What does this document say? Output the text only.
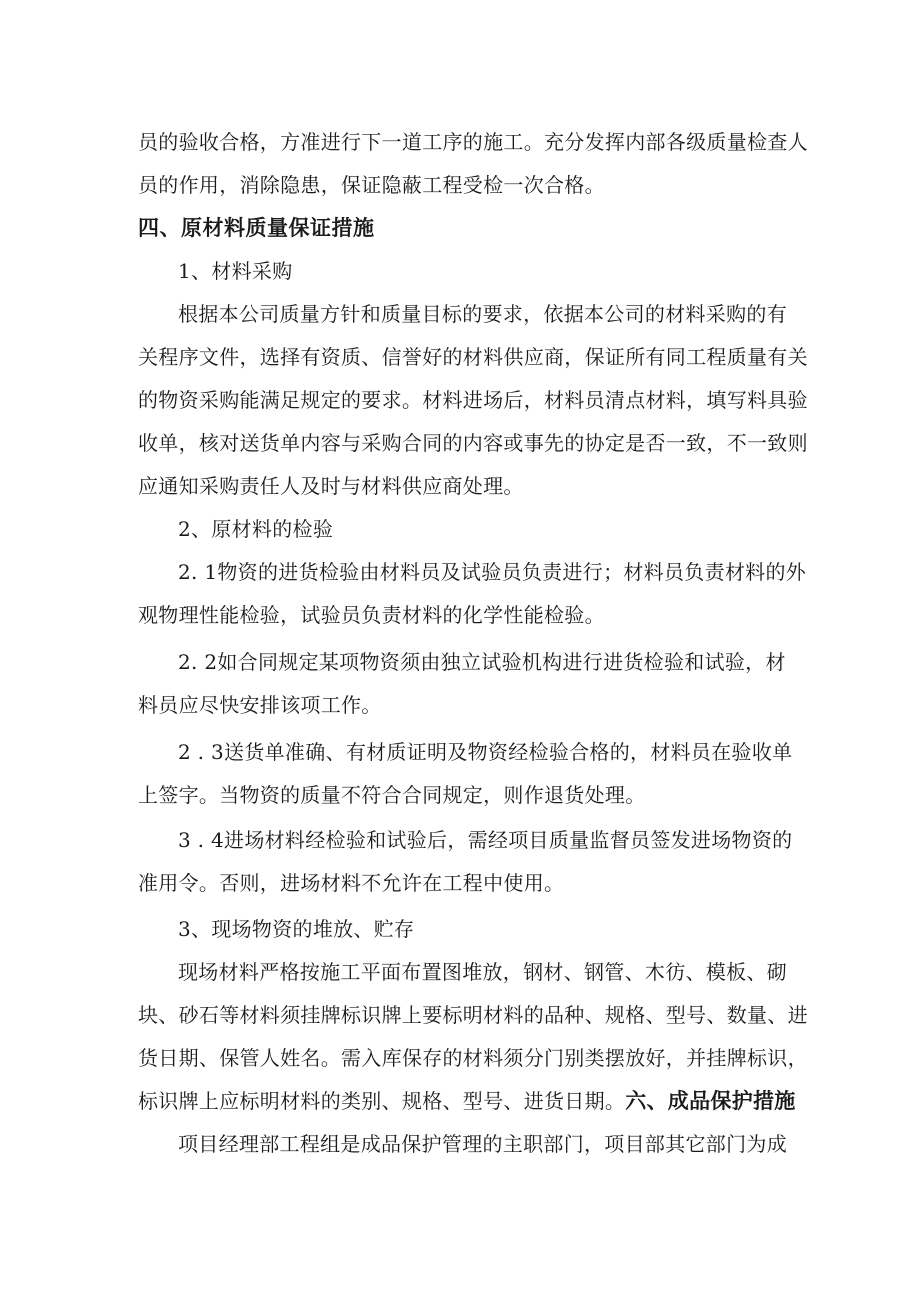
员的验收合格，方准进行下一道工序的施工。充分发挥内部各级质量检查人
员的作用，消除隐患，保证隐蔽工程受检一次合格。
四、原材料质量保证措施
1、材料采购
根据本公司质量方针和质量目标的要求，依据本公司的材料采购的有
关程序文件，选择有资质、信誉好的材料供应商，保证所有同工程质量有关
的物资采购能满足规定的要求。材料进场后，材料员清点材料，填写料具验
收单，核对送货单内容与采购合同的内容或事先的协定是否一致，不一致则
应通知采购责任人及时与材料供应商处理。
2、原材料的检验
2. 1物资的进货检验由材料员及试验员负责进行；材料员负责材料的外
观物理性能检验，试验员负责材料的化学性能检验。
2. 2如合同规定某项物资须由独立试验机构进行进货检验和试验，材
料员应尽快安排该项工作。
2 . 3送货单准确、有材质证明及物资经检验合格的，材料员在验收单
上签字。当物资的质量不符合合同规定，则作退货处理。
3 . 4进场材料经检验和试验后，需经项目质量监督员签发进场物资的
准用令。否则，进场材料不允许在工程中使用。
3、现场物资的堆放、贮存
现场材料严格按施工平面布置图堆放，钢材、钢管、木彷、模板、砌
块、砂石等材料须挂牌标识牌上要标明材料的品种、规格、型号、数量、进
货日期、保管人姓名。需入库保存的材料须分门别类摆放好，并挂牌标识，
标识牌上应标明材料的类别、规格、型号、进货日期。六、成品保护措施
项目经理部工程组是成品保护管理的主职部门，项目部其它部门为成
